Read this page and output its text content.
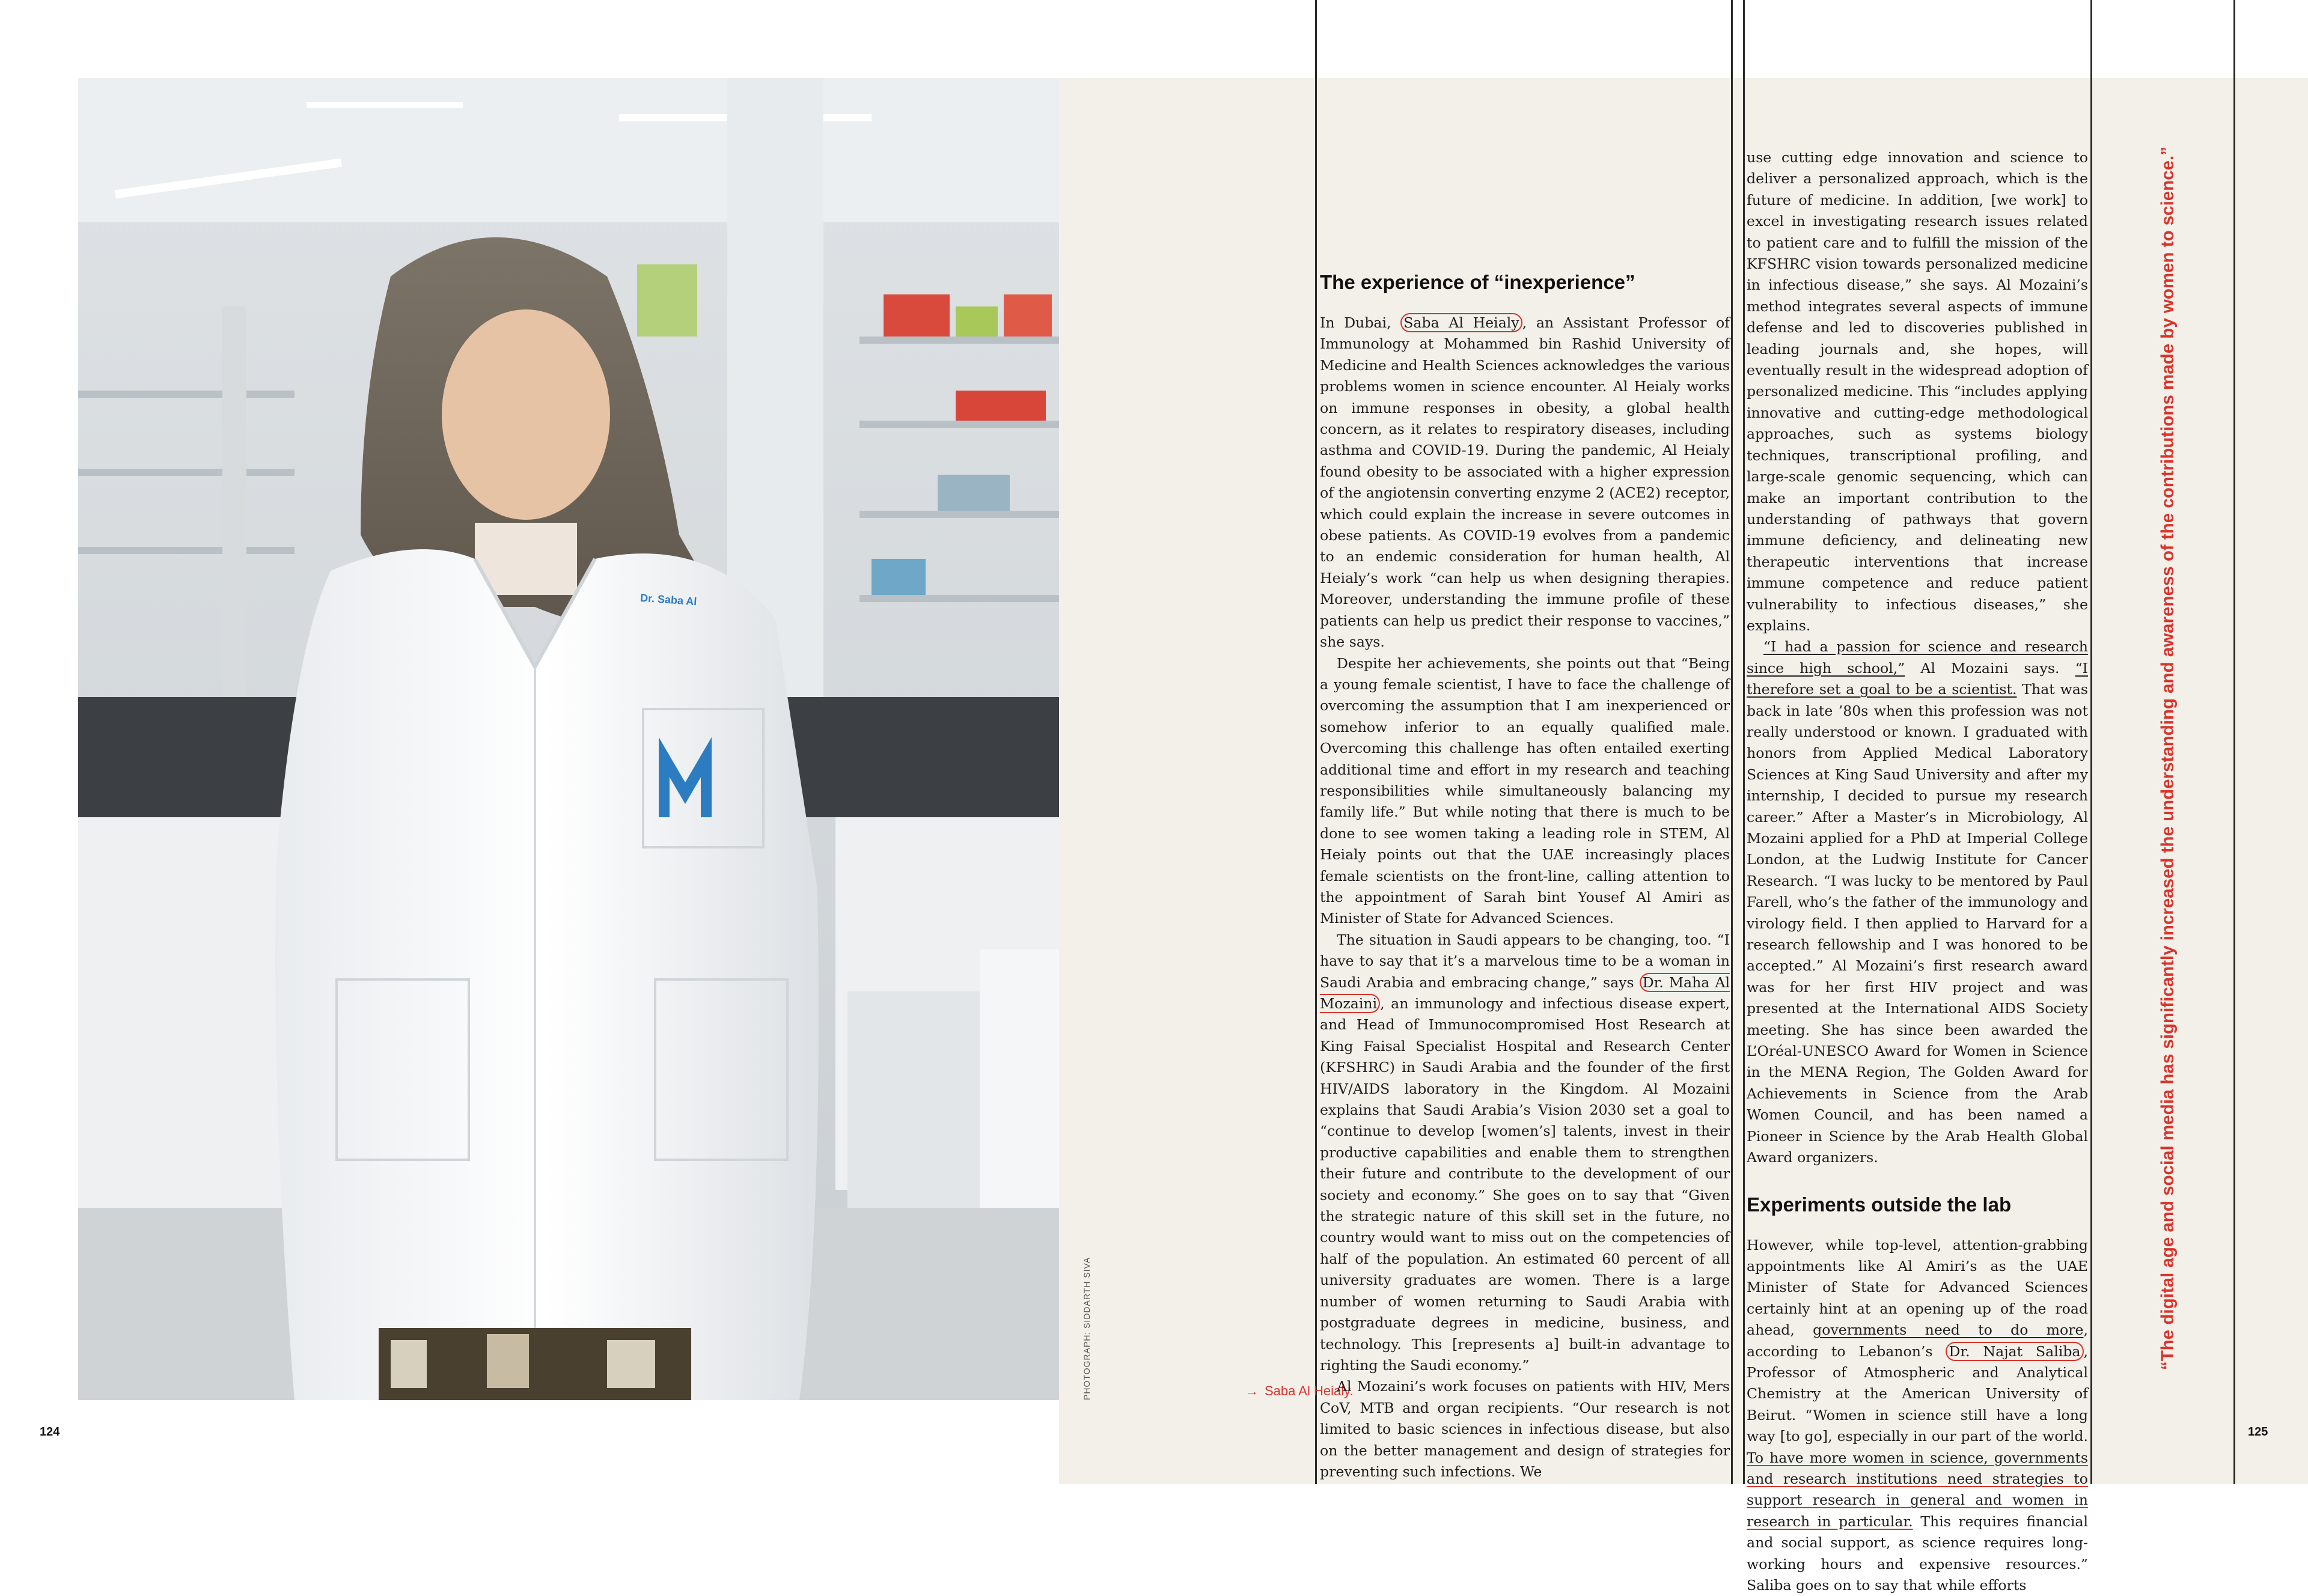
Dr. Saba Al
124	125
PHOTOGRAPH: SIDDARTH SIVA	→ Saba Al Heialy.
The experience of “inexperience”

In Dubai, Saba Al Heialy , an Assistant Professor of Immunology at Mohammed bin Rashid University of Medicine and Health Sciences acknowledges the various problems women in science encounter. Al Heialy works on immune responses in obesity, a global health concern, as it relates to respiratory diseases, including asthma and COVID-19. During the pandemic, Al Heialy found obesity to be associated with a higher expression of the angiotensin converting enzyme 2 (ACE2) receptor, which could explain the increase in severe outcomes in obese patients. As COVID-19 evolves from a pandemic to an endemic consideration for human health, Al Heialy’s work “can help us when designing therapies. Moreover, understanding the immune profile of these patients can help us predict their response to vaccines,” she says.

Despite her achievements, she points out that “Being a young female scientist, I have to face the challenge of overcoming the assumption that I am inexperienced or somehow inferior to an equally qualified male. Overcoming this challenge has often entailed exerting additional time and effort in my research and teaching responsibilities while simultaneously balancing my family life.” But while noting that there is much to be done to see women taking a leading role in STEM, Al Heialy points out that the UAE increasingly places female scientists on the front-line, calling attention to the appointment of Sarah bint Yousef Al Amiri as Minister of State for Advanced Sciences.

The situation in Saudi appears to be changing, too. “I have to say that it’s a marvelous time to be a woman in Saudi Arabia and embracing change,” says Dr. Maha Al Mozaini , an immunology and infectious disease expert, and Head of Immunocompromised Host Research at King Faisal Specialist Hospital and Research Center (KFSHRC) in Saudi Arabia and the founder of the first HIV/AIDS laboratory in the Kingdom. Al Mozaini explains that Saudi Arabia’s Vision 2030 set a goal to “continue to develop [women’s] talents, invest in their productive capabilities and enable them to strengthen their future and contribute to the development of our society and economy.” She goes on to say that “Given the strategic nature of this skill set in the future, no country would want to miss out on the competencies of half of the population. An estimated 60 percent of all university graduates are women. There is a large number of women returning to Saudi Arabia with postgraduate degrees in medicine, business, and technology. This [represents a] built-in advantage to righting the Saudi economy.”

Al Mozaini’s work focuses on patients with HIV, Mers CoV, MTB and organ recipients. “Our research is not limited to basic sciences in infectious disease, but also on the better management and design of strategies for preventing such infections. We

use cutting edge innovation and science to deliver a personalized approach, which is the future of medicine. In addition, [we work] to excel in investigating research issues related to patient care and to fulfill the mission of the KFSHRC vision towards personalized medicine in infectious disease,” she says. Al Mozaini’s method integrates several aspects of immune defense and led to discoveries published in leading journals and, she hopes, will eventually result in the widespread adoption of personalized medicine. This “includes applying innovative and cutting-edge methodological approaches, such as systems biology techniques, transcriptional profiling, and large-scale genomic sequencing, which can make an important contribution to the understanding of pathways that govern immune deficiency, and delineating new therapeutic interventions that increase immune competence and reduce patient vulnerability to infectious diseases,” she explains.

“I had a passion for science and research since high school,” Al Mozaini says. “I therefore set a goal to be a scientist. That was back in late ’80s when this profession was not really understood or known. I graduated with honors from Applied Medical Laboratory Sciences at King Saud University and after my internship, I decided to pursue my research career.” After a Master’s in Microbiology, Al Mozaini applied for a PhD at Imperial College London, at the Ludwig Institute for Cancer Research. “I was lucky to be mentored by Paul Farell, who’s the father of the immunology and virology field. I then applied to Harvard for a research fellowship and I was honored to be accepted.” Al Mozaini’s first research award was for her first HIV project and was presented at the International AIDS Society meeting. She has since been awarded the L’Oréal-UNESCO Award for Women in Science in the MENA Region, The Golden Award for Achievements in Science from the Arab Women Council, and has been named a Pioneer in Science by the Arab Health Global Award organizers.

Experiments outside the lab

However, while top-level, attention-grabbing appointments like Al Amiri’s as the UAE Minister of State for Advanced Sciences certainly hint at an opening up of the road ahead, governments need to do more, according to Lebanon’s Dr. Najat Saliba , Professor of Atmospheric and Analytical Chemistry at the American University of Beirut. “Women in science still have a long way [to go], especially in our part of the world. To have more women in science, governments and research institutions need strategies to support research in general and women in research in particular. This requires financial and social support, as science requires long-working hours and expensive resources.” Saliba goes on to say that while efforts

“The digital age and social media has significantly increased the understanding and awareness of the contributions made by women to science.”
